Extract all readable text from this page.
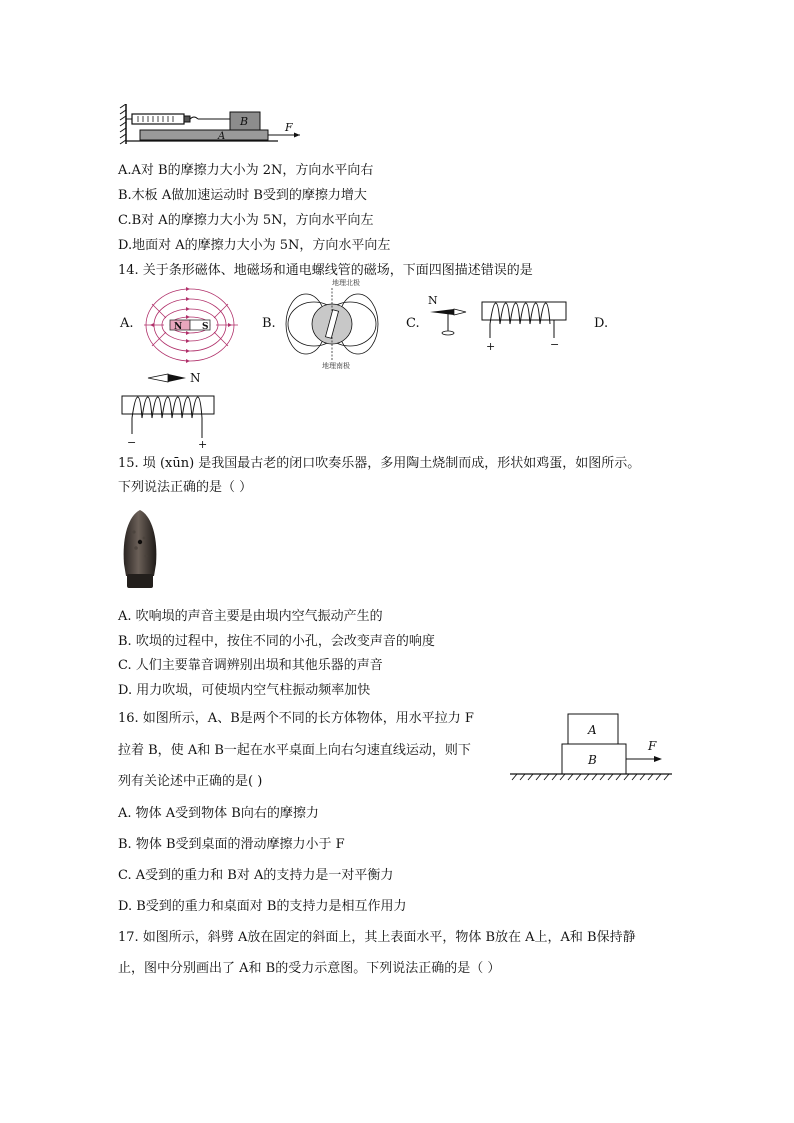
B
A
F
A.A对 B的摩擦力大小为 2N，方向水平向右
B.木板 A做加速运动时 B受到的摩擦力增大
C.B对 A的摩擦力大小为 5N，方向水平向左
D.地面对 A的摩擦力大小为 5N，方向水平向左
14. 关于条形磁体、地磁场和通电螺线管的磁场，下面四图描述错误的是
A.	B.	C.	D.
N S
地理北极
地理南极
N
+	−
N
−	+
15. 埙 (xūn) 是我国最古老的闭口吹奏乐器，多用陶土烧制而成，形状如鸡蛋，如图所示。
下列说法正确的是（ ）
A. 吹响埙的声音主要是由埙内空气振动产生的
B. 吹埙的过程中，按住不同的小孔，会改变声音的响度
C. 人们主要靠音调辨别出埙和其他乐器的声音
D. 用力吹埙，可使埙内空气柱振动频率加快
16. 如图所示，A、B是两个不同的长方体物体，用水平拉力 F
拉着 B，使 A和 B一起在水平桌面上向右匀速直线运动，则下
列有关论述中正确的是( )
A
B
F
A. 物体 A受到物体 B向右的摩擦力
B. 物体 B受到桌面的滑动摩擦力小于 F
C. A受到的重力和 B对 A的支持力是一对平衡力
D. B受到的重力和桌面对 B的支持力是相互作用力
17. 如图所示，斜劈 A放在固定的斜面上，其上表面水平，物体 B放在 A上，A和 B保持静
止，图中分别画出了 A和 B的受力示意图。下列说法正确的是（ ）
